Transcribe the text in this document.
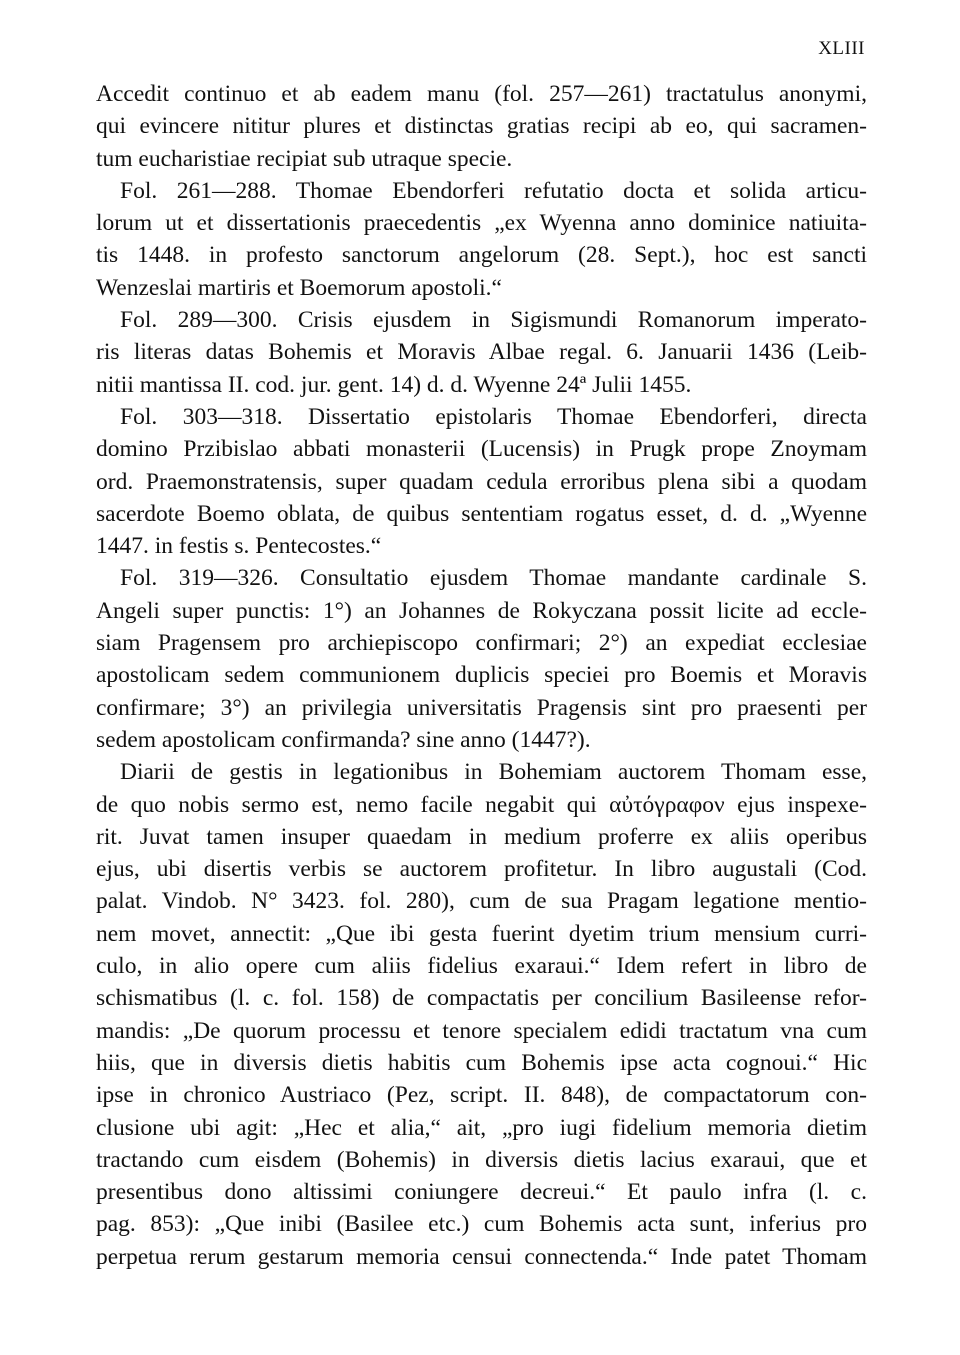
XLIII
Accedit continuo et ab eadem manu (fol. 257—261) tractatulus anonymi,
qui evincere nititur plures et distinctas gratias recipi ab eo, qui sacramen-
tum eucharistiae recipiat sub utraque specie.
Fol. 261—288. Thomae Ebendorferi refutatio docta et solida articu-
lorum ut et dissertationis praecedentis „ex Wyenna anno dominice natiuita-
tis 1448. in profesto sanctorum angelorum (28. Sept.), hoc est sancti
Wenzeslai martiris et Boemorum apostoli.“
Fol. 289—300. Crisis ejusdem in Sigismundi Romanorum imperato-
ris literas datas Bohemis et Moravis Albae regal. 6. Januarii 1436 (Leib-
nitii mantissa II. cod. jur. gent. 14) d. d. Wyenne 24ª Julii 1455.
Fol. 303—318. Dissertatio epistolaris Thomae Ebendorferi, directa
domino Przibislao abbati monasterii (Lucensis) in Prugk prope Znoymam
ord. Praemonstratensis, super quadam cedula erroribus plena sibi a quodam
sacerdote Boemo oblata, de quibus sententiam rogatus esset, d. d. „Wyenne
1447. in festis s. Pentecostes.“
Fol. 319—326. Consultatio ejusdem Thomae mandante cardinale S.
Angeli super punctis: 1°) an Johannes de Rokyczana possit licite ad eccle-
siam Pragensem pro archiepiscopo confirmari; 2°) an expediat ecclesiae
apostolicam sedem communionem duplicis speciei pro Boemis et Moravis
confirmare; 3°) an privilegia universitatis Pragensis sint pro praesenti per
sedem apostolicam confirmanda? sine anno (1447?).
Diarii de gestis in legationibus in Bohemiam auctorem Thomam esse,
de quo nobis sermo est, nemo facile negabit qui αὐτόγραφον ejus inspexe-
rit. Juvat tamen insuper quaedam in medium proferre ex aliis operibus
ejus, ubi disertis verbis se auctorem profitetur. In libro augustali (Cod.
palat. Vindob. N° 3423. fol. 280), cum de sua Pragam legatione mentio-
nem movet, annectit: „Que ibi gesta fuerint dyetim trium mensium curri-
culo, in alio opere cum aliis fidelius exaraui.“ Idem refert in libro de
schismatibus (l. c. fol. 158) de compactatis per concilium Basileense refor-
mandis: „De quorum processu et tenore specialem edidi tractatum vna cum
hiis, que in diversis dietis habitis cum Bohemis ipse acta cognoui.“ Hic
ipse in chronico Austriaco (Pez, script. II. 848), de compactatorum con-
clusione ubi agit: „Hec et alia,“ ait, „pro iugi fidelium memoria dietim
tractando cum eisdem (Bohemis) in diversis dietis lacius exaraui, que et
presentibus dono altissimi coniungere decreui.“ Et paulo infra (l. c.
pag. 853): „Que inibi (Basilee etc.) cum Bohemis acta sunt, inferius pro
perpetua rerum gestarum memoria censui connectenda.“ Inde patet Thomam
